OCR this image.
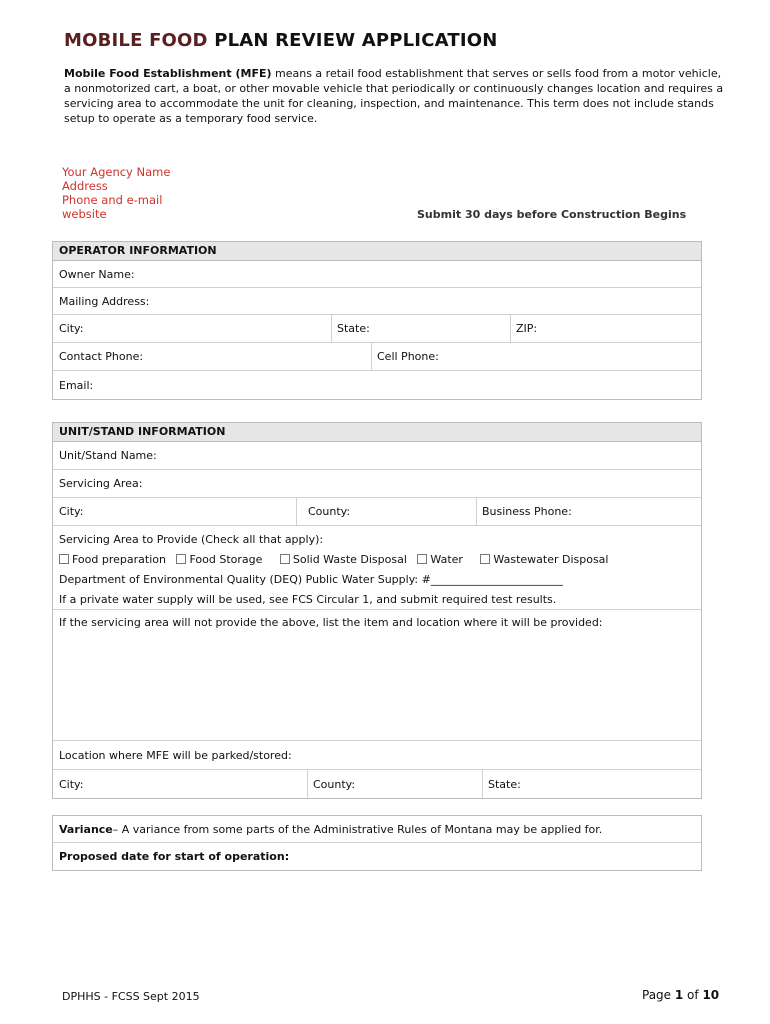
MOBILE FOOD PLAN REVIEW APPLICATION
Mobile Food Establishment (MFE) means a retail food establishment that serves or sells food from a motor vehicle, a nonmotorized cart, a boat, or other movable vehicle that periodically or continuously changes location and requires a servicing area to accommodate the unit for cleaning, inspection, and maintenance. This term does not include stands setup to operate as a temporary food service.
Your Agency Name
Address
Phone and e-mail
website	Submit 30 days before Construction Begins
OPERATOR INFORMATION
Owner Name:
Mailing Address:
City:	State:	ZIP:
Contact Phone:	Cell Phone:
Email:
UNIT/STAND INFORMATION
Unit/Stand Name:
Servicing Area:
City:	County:	Business Phone:
Servicing Area to Provide (Check all that apply):
Food preparation Food Storage	Solid Waste Disposal Water	Wastewater Disposal
Department of Environmental Quality (DEQ) Public Water Supply: #________________________
If a private water supply will be used, see FCS Circular 1, and submit required test results.
If the servicing area will not provide the above, list the item and location where it will be provided:
Location where MFE will be parked/stored:
City:	County:	State:
Variance – A variance from some parts of the Administrative Rules of Montana may be applied for.
Proposed date for start of operation:
DPHHS - FCSS Sept 2015	Page 1 of 10
